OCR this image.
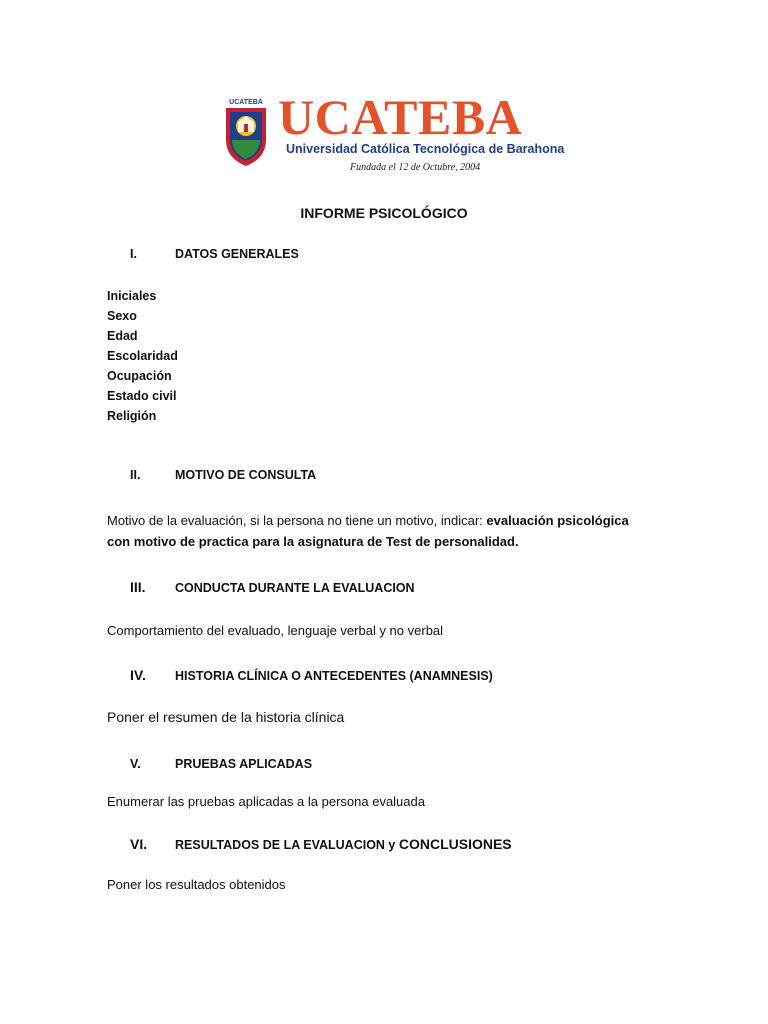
UCATEBA UCATEBA
Universidad Católica Tecnológica de Barahona
Fundada el 12 de Octubre, 2004
INFORME PSICOLÓGICO
I.	DATOS GENERALES
Iniciales
Sexo
Edad
Escolaridad
Ocupación
Estado civil
Religión
II.	MOTIVO DE CONSULTA
Motivo de la evaluación, si la persona no tiene un motivo, indicar: evaluación psicológica
con motivo de practica para la asignatura de Test de personalidad.
III. CONDUCTA DURANTE LA EVALUACION
Comportamiento del evaluado, lenguaje verbal y no verbal
IV. HISTORIA CLÍNICA O ANTECEDENTES (ANAMNESIS)
Poner el resumen de la historia clínica
V.	PRUEBAS APLICADAS
Enumerar las pruebas aplicadas a la persona evaluada
VI. RESULTADOS DE LA EVALUACION y CONCLUSIONES
Poner los resultados obtenidos
